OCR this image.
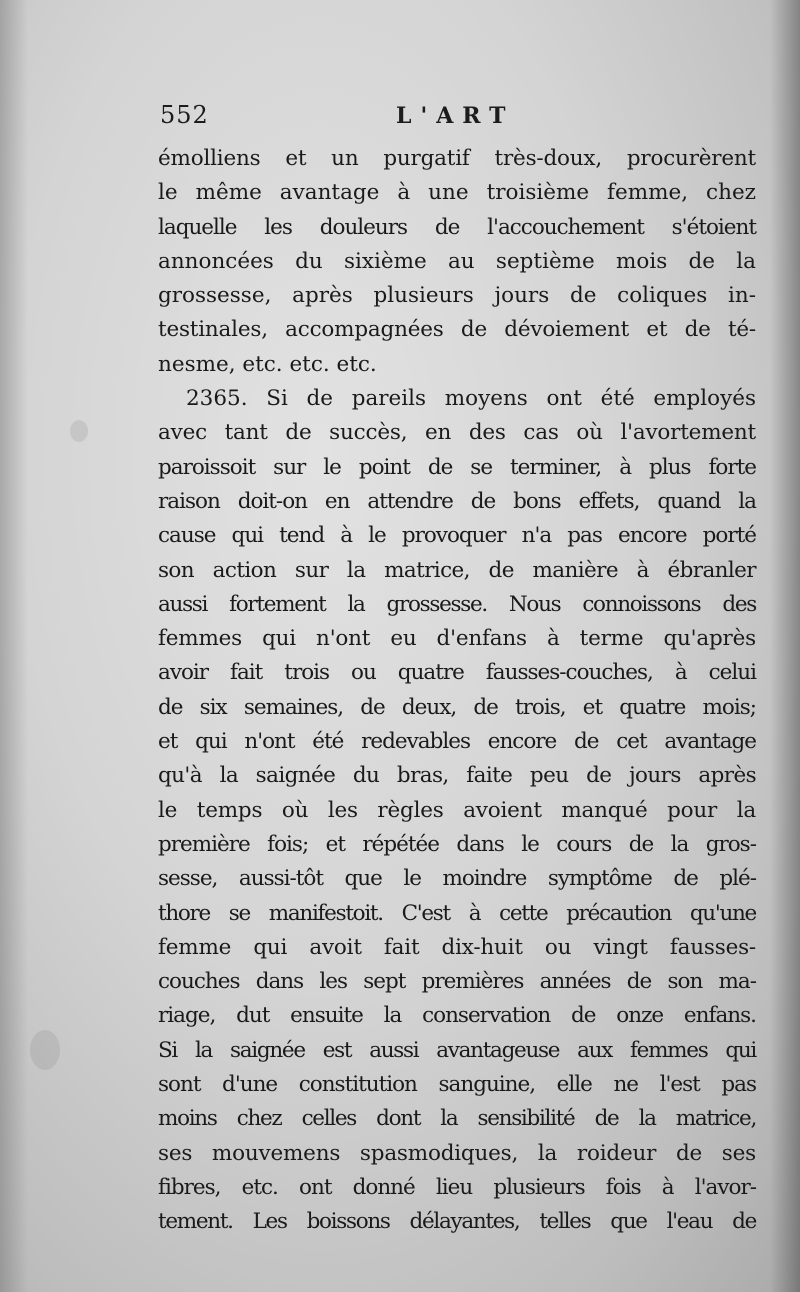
552	L'ART
émolliens et un purgatif très-doux, procurèrent
le même avantage à une troisième femme, chez
laquelle les douleurs de l'accouchement s'étoient
annoncées du sixième au septième mois de la
grossesse, après plusieurs jours de coliques in-
testinales, accompagnées de dévoiement et de té-
nesme, etc. etc. etc.
2365. Si de pareils moyens ont été employés
avec tant de succès, en des cas où l'avortement
paroissoit sur le point de se terminer, à plus forte
raison doit-on en attendre de bons effets, quand la
cause qui tend à le provoquer n'a pas encore porté
son action sur la matrice, de manière à ébranler
aussi fortement la grossesse. Nous connoissons des
femmes qui n'ont eu d'enfans à terme qu'après
avoir fait trois ou quatre fausses-couches, à celui
de six semaines, de deux, de trois, et quatre mois;
et qui n'ont été redevables encore de cet avantage
qu'à la saignée du bras, faite peu de jours après
le temps où les règles avoient manqué pour la
première fois; et répétée dans le cours de la gros-
sesse, aussi-tôt que le moindre symptôme de plé-
thore se manifestoit. C'est à cette précaution qu'une
femme qui avoit fait dix-huit ou vingt fausses-
couches dans les sept premières années de son ma-
riage, dut ensuite la conservation de onze enfans.
Si la saignée est aussi avantageuse aux femmes qui
sont d'une constitution sanguine, elle ne l'est pas
moins chez celles dont la sensibilité de la matrice,
ses mouvemens spasmodiques, la roideur de ses
fibres, etc. ont donné lieu plusieurs fois à l'avor-
tement. Les boissons délayantes, telles que l'eau de
